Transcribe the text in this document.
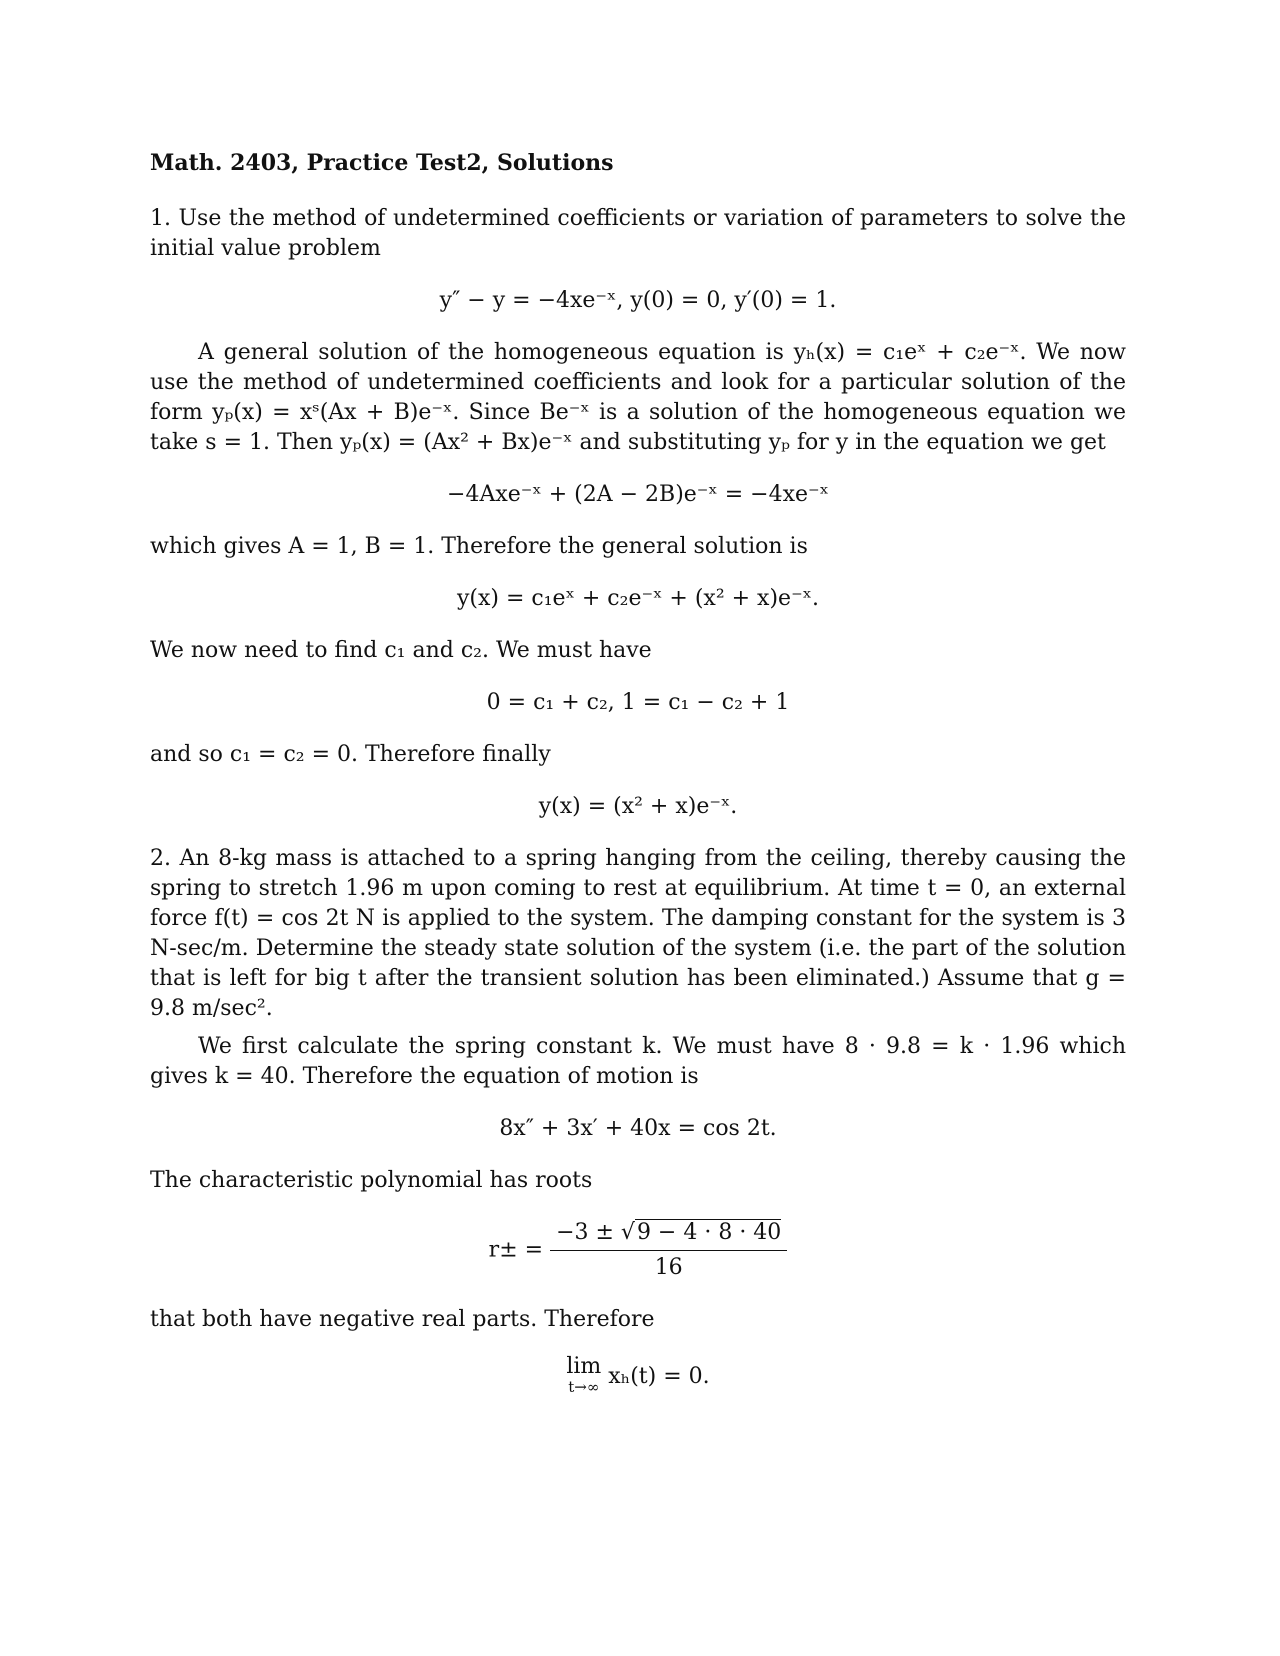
Math. 2403, Practice Test2, Solutions

1. Use the method of undetermined coefficients or variation of parameters to solve the initial value problem

y″ − y = −4xe⁻ˣ, y(0) = 0, y′(0) = 1.

A general solution of the homogeneous equation is yₕ(x) = c₁eˣ + c₂e⁻ˣ. We now use the method of undetermined coefficients and look for a particular solution of the form yₚ(x) = xˢ(Ax + B)e⁻ˣ. Since Be⁻ˣ is a solution of the homogeneous equation we take s = 1. Then yₚ(x) = (Ax² + Bx)e⁻ˣ and substituting yₚ for y in the equation we get

−4Axe⁻ˣ + (2A − 2B)e⁻ˣ = −4xe⁻ˣ

which gives A = 1, B = 1. Therefore the general solution is

y(x) = c₁eˣ + c₂e⁻ˣ + (x² + x)e⁻ˣ.

We now need to find c₁ and c₂. We must have

0 = c₁ + c₂, 1 = c₁ − c₂ + 1

and so c₁ = c₂ = 0. Therefore finally

y(x) = (x² + x)e⁻ˣ.

2. An 8-kg mass is attached to a spring hanging from the ceiling, thereby causing the spring to stretch 1.96 m upon coming to rest at equilibrium. At time t = 0, an external force f(t) = cos 2t N is applied to the system. The damping constant for the system is 3 N-sec/m. Determine the steady state solution of the system (i.e. the part of the solution that is left for big t after the transient solution has been eliminated.) Assume that g = 9.8 m/sec².

We first calculate the spring constant k. We must have 8 · 9.8 = k · 1.96 which gives k = 40. Therefore the equation of motion is

8x″ + 3x′ + 40x = cos 2t.

The characteristic polynomial has roots

$r\pm = \frac{-3 \pm √9 - 4 \cdot 8 \cdot 40}{16}$

that both have negative real parts. Therefore

lim
t→∞ xₕ(t) = 0.
